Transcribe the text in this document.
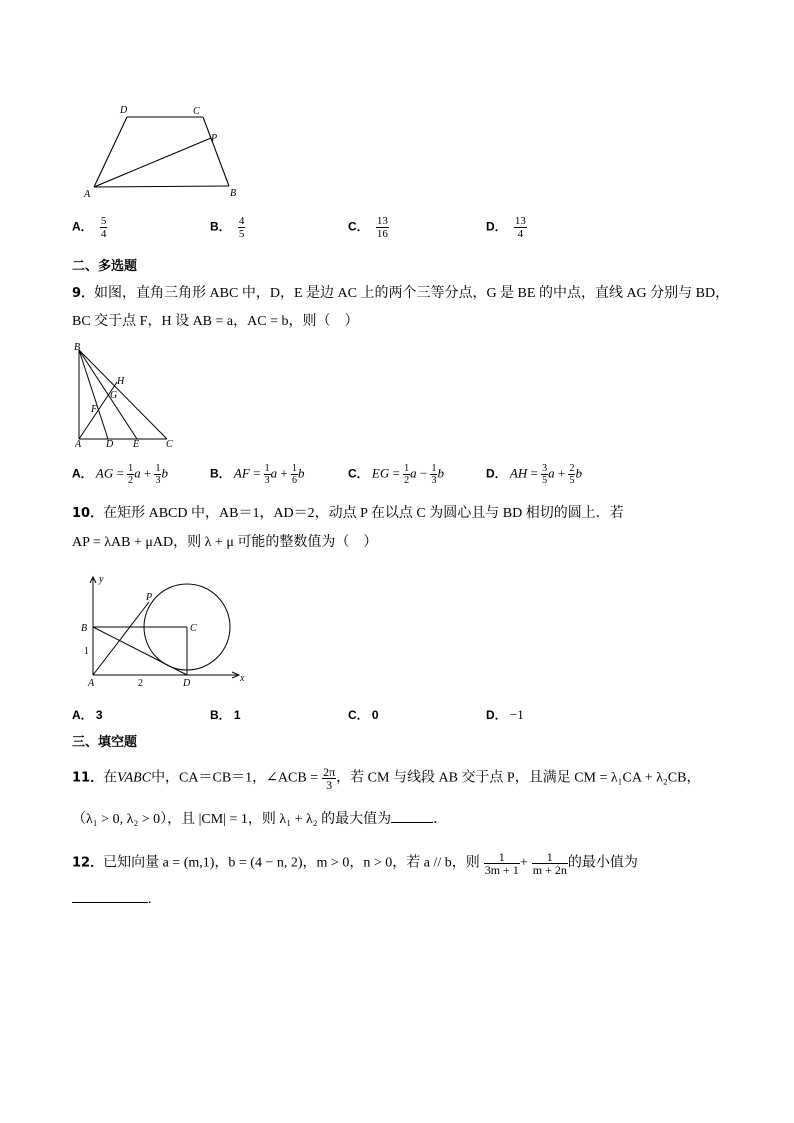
D	C
P
A	B
A． $\frac{5}{4}$	B． $\frac{4}{5}$	C． $\frac{13}{16}$	D． $\frac{13}{4}$
二、多选题
9．如图，直角三角形 ABC 中，D，E 是边 AC 上的两个三等分点，G 是 BE 的中点，直线 AG 分别与 BD，
BC 交于点 F，H 设 AB = a，AC = b，则（　）
B
H
G
F
A D E	C
A． AG = $\frac{1}{2}$ $a + \frac{1}{3}$ b	B． AF = $\frac{1}{3}$ $a + \frac{1}{6}$ b	C． EG = $\frac{1}{2}$ $a - \frac{1}{3}$ b	D． AH = $\frac{3}{5}$ $a + \frac{2}{5}$ b
10．在矩形 ABCD 中，AB＝1，AD＝2，动点 P 在以点 C 为圆心且与 BD 相切的圆上．若
AP = λAB + μAD，则 λ + μ 可能的整数值为（　）
y
P
B	C
1
A	2	D	x
A． 3	B． 1	C． 0	D． −1
三、填空题
11．在VABC中，CA＝CB＝1，∠ACB = $\frac{2\pi}{3}$ ，若 CM 与线段 AB 交于点 P，且满足 CM = λ₁CA + λ₂CB，
（λ₁ > 0, λ₂ > 0），且 |CM| = 1，则 λ₁ + λ₂ 的最大值为	．
12．已知向量 a = (m,1)，b = (4 − n, 2)，m > 0，n > 0，若 a // b，则 $\frac{1}{3m + 1} + \frac{1}{m + 2n}$ 的最小值为
.
